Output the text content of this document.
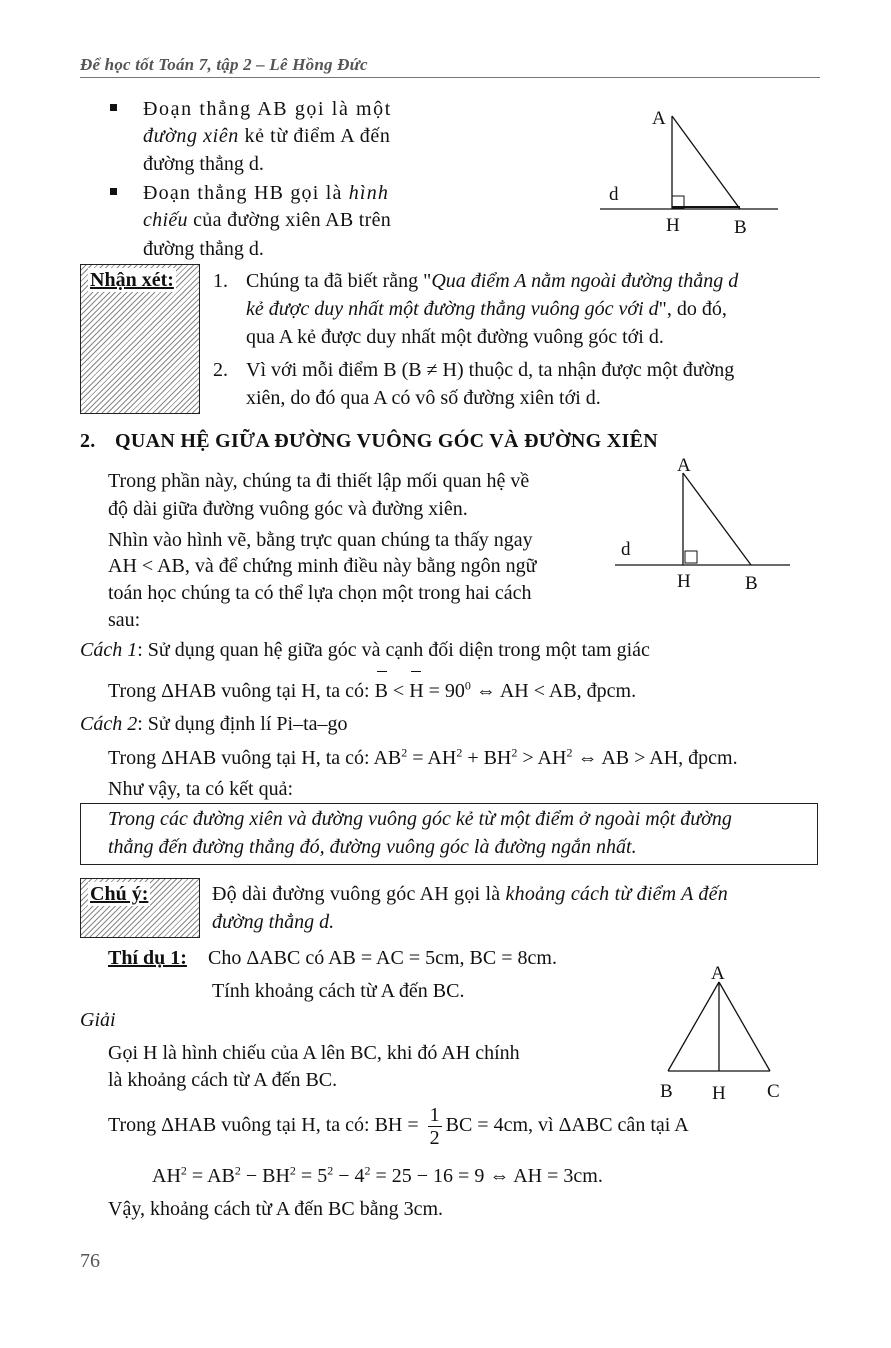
Để học tốt Toán 7, tập 2 – Lê Hồng Đức
Đoạn thẳng AB gọi là một
đường xiên kẻ từ điểm A đến
đường thẳng d.
Đoạn thẳng HB gọi là hình
chiếu của đường xiên AB trên
đường thẳng d.
A
d
H	B
Nhận xét: 1. Chúng ta đã biết rằng "Qua điểm A nằm ngoài đường thẳng d
kẻ được duy nhất một đường thẳng vuông góc với d", do đó,
qua A kẻ được duy nhất một đường vuông góc tới d.
2. Vì với mỗi điểm B (B ≠ H) thuộc d, ta nhận được một đường
xiên, do đó qua A có vô số đường xiên tới d.
2. QUAN HỆ GIỮA ĐƯỜNG VUÔNG GÓC VÀ ĐƯỜNG XIÊN
Trong phần này, chúng ta đi thiết lập mối quan hệ về
độ dài giữa đường vuông góc và đường xiên.
Nhìn vào hình vẽ, bằng trực quan chúng ta thấy ngay
AH < AB, và để chứng minh điều này bằng ngôn ngữ
toán học chúng ta có thể lựa chọn một trong hai cách
sau:
A
d
H	B
Cách 1: Sử dụng quan hệ giữa góc và cạnh đối diện trong một tam giác
Trong ΔHAB vuông tại H, ta có: $B < H = 90^0$ ⇔ AH < AB, đpcm.
Cách 2: Sử dụng định lí Pi–ta–go
Trong ΔHAB vuông tại H, ta có: $AB^2 = AH^2 + BH^2 > AH^2$ ⇔ AB > AH, đpcm.
Như vậy, ta có kết quả:
Trong các đường xiên và đường vuông góc kẻ từ một điểm ở ngoài một đường
thẳng đến đường thẳng đó, đường vuông góc là đường ngắn nhất.
Chú ý:	Độ dài đường vuông góc AH gọi là khoảng cách từ điểm A đến
đường thẳng d.
Thí dụ 1: Cho ΔABC có AB = AC = 5cm, BC = 8cm.
Tính khoảng cách từ A đến BC.
Giải
Gọi H là hình chiếu của A lên BC, khi đó AH chính
là khoảng cách từ A đến BC.
Trong ΔHAB vuông tại H, ta có: BH = $\frac{1}{2}$ BC = 4cm, vì ΔABC cân tại A
$AH^2 = AB^2 - BH^2 = 5^2 - 4^2 = 25 - 16 = 9$ ⇔ AH = 3cm.
Vậy, khoảng cách từ A đến BC bằng 3cm.
A
B H C
76
